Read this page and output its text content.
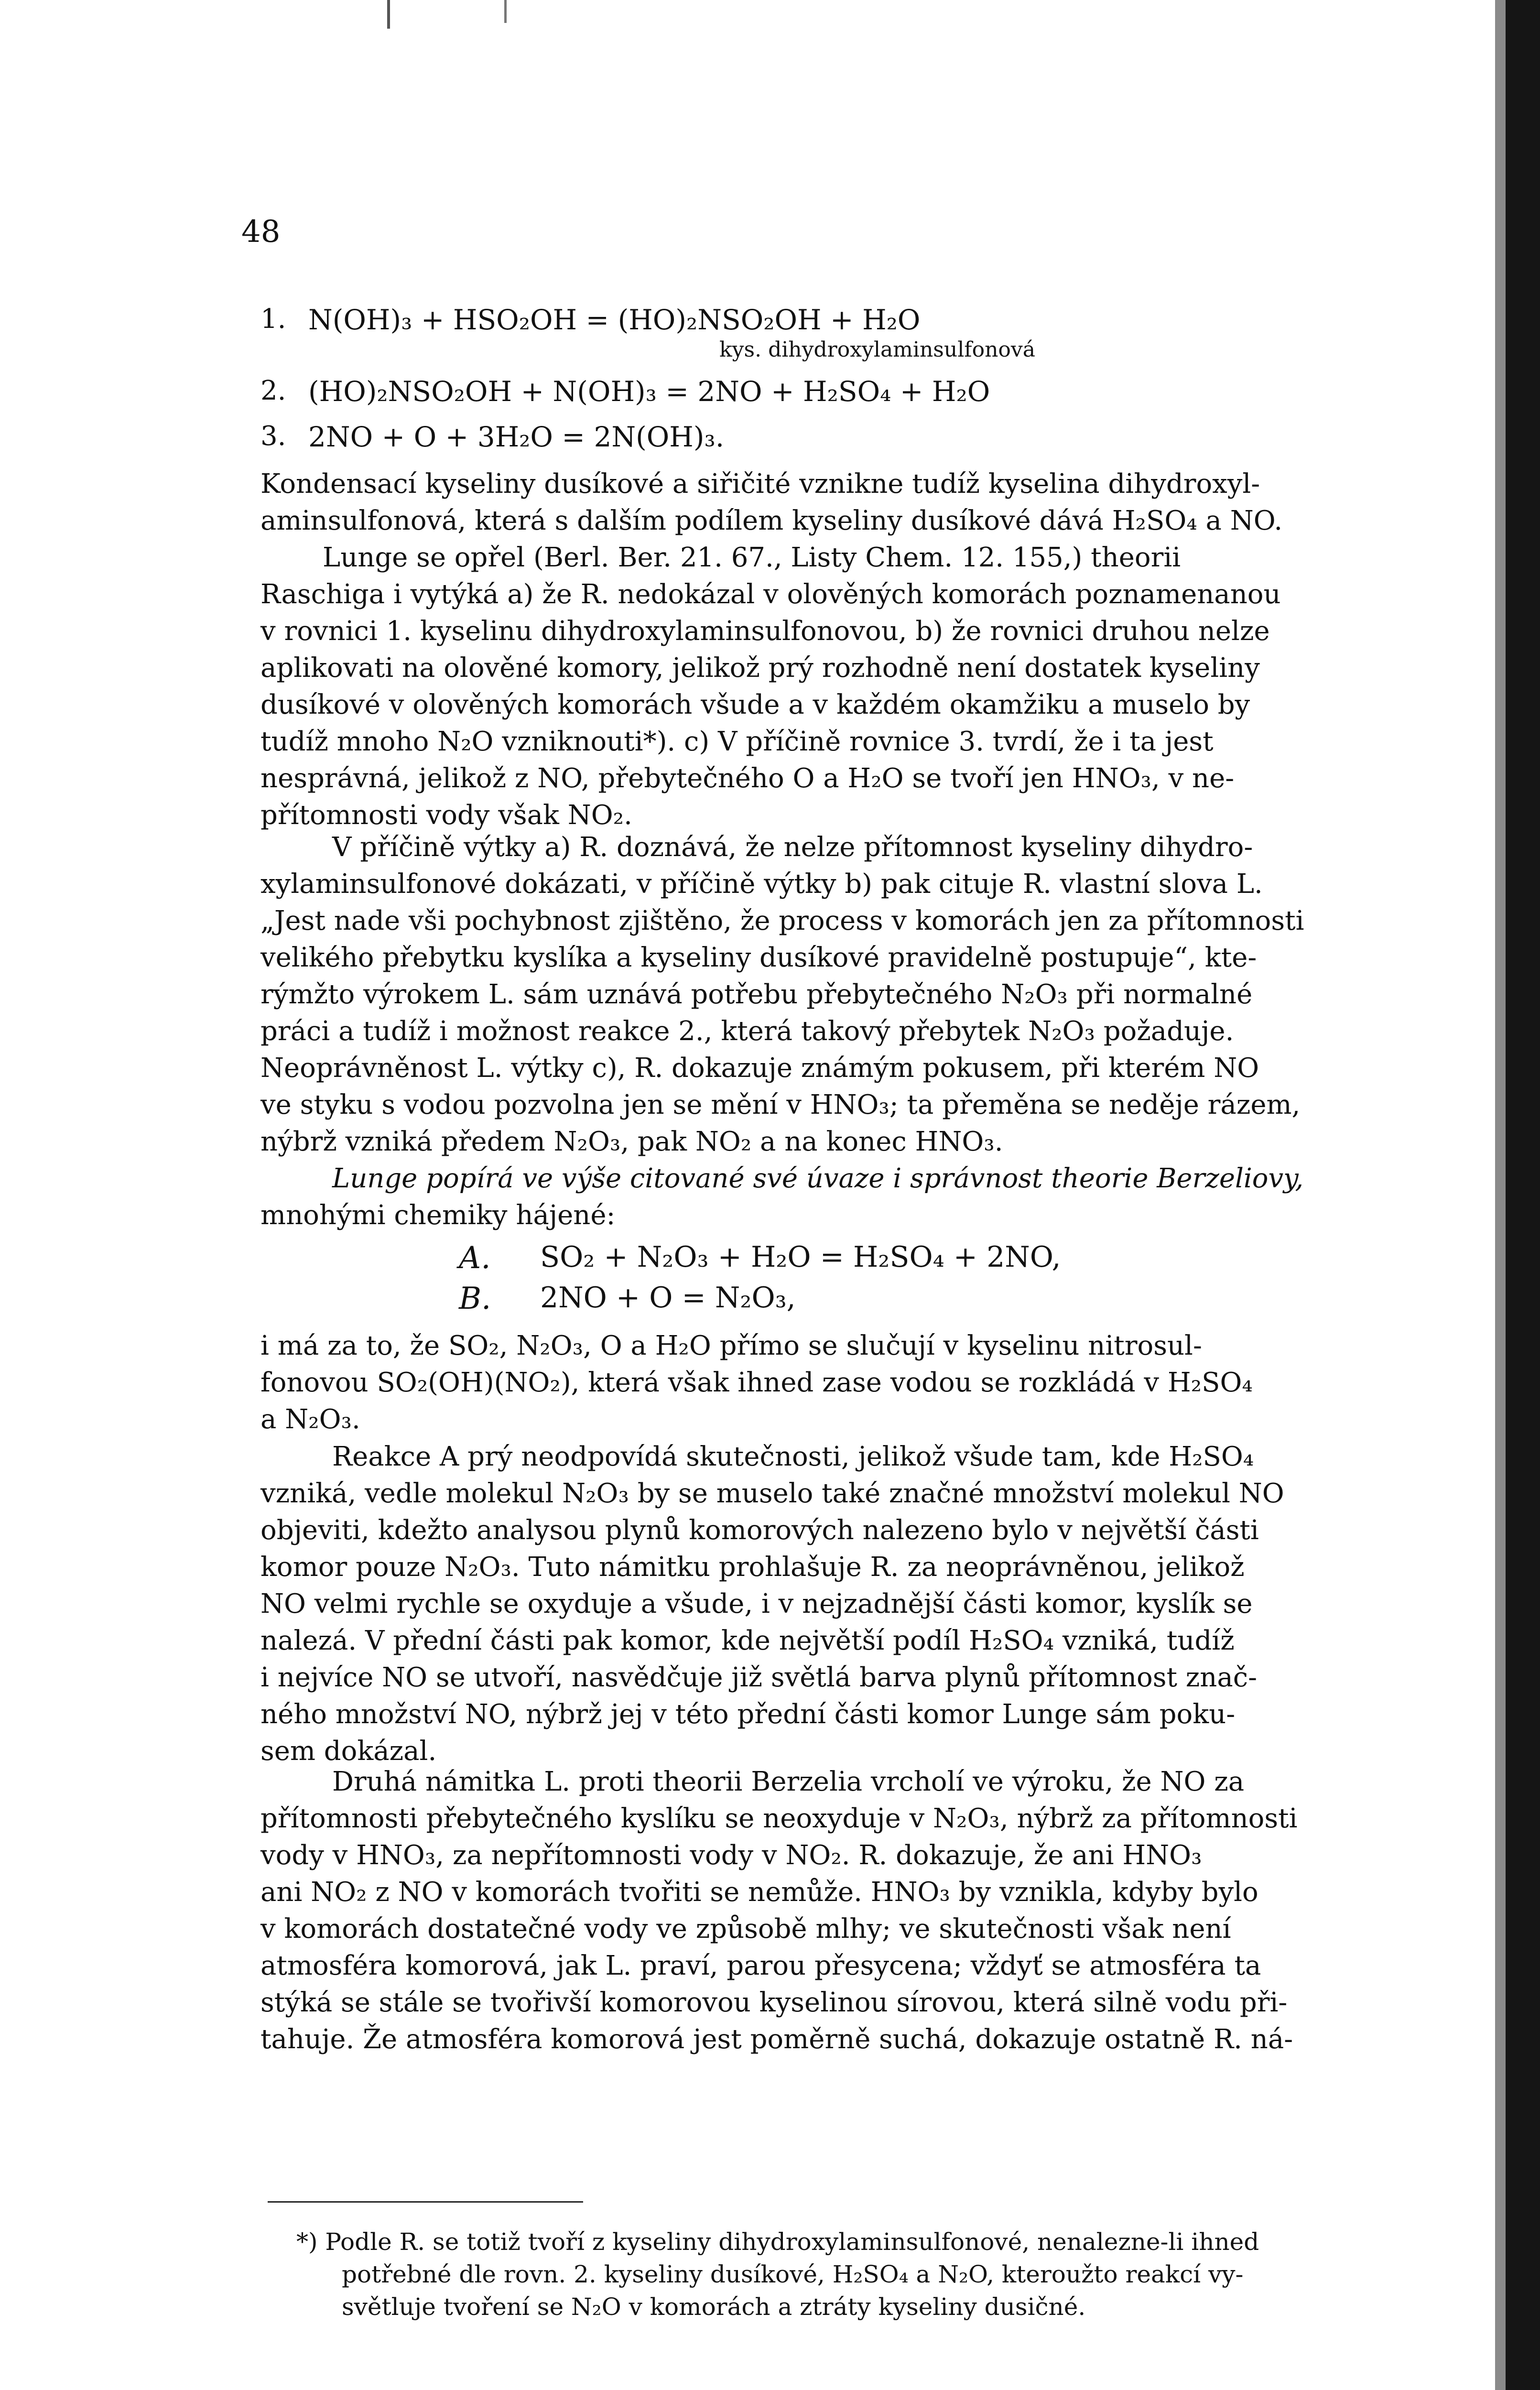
48
1. N(OH)₃ + HSO₂OH = (HO)₂NSO₂OH + H₂O
kys. dihydroxylaminsulfonová
2. (HO)₂NSO₂OH + N(OH)₃ = 2NO + H₂SO₄ + H₂O
3. 2NO + O + 3H₂O = 2N(OH)₃.
Kondensací kyseliny dusíkové a siřičité vznikne tudíž kyselina dihydroxyl-
aminsulfonová, která s dalším podílem kyseliny dusíkové dává H₂SO₄ a NO.
Lunge se opřel (Berl. Ber. 21. 67., Listy Chem. 12. 155,) theorii
Raschiga i vytýká a) že R. nedokázal v olověných komorách poznamenanou
v rovnici 1. kyselinu dihydroxylaminsulfonovou, b) že rovnici druhou nelze
aplikovati na olověné komory, jelikož prý rozhodně není dostatek kyseliny
dusíkové v olověných komorách všude a v každém okamžiku a muselo by
tudíž mnoho N₂O vzniknouti*). c) V příčině rovnice 3. tvrdí, že i ta jest
nesprávná, jelikož z NO, přebytečného O a H₂O se tvoří jen HNO₃, v ne-
přítomnosti vody však NO₂.
V příčině výtky a) R. doznává, že nelze přítomnost kyseliny dihydro-
xylaminsulfonové dokázati, v příčině výtky b) pak cituje R. vlastní slova L.
„Jest nade vši pochybnost zjištěno, že process v komorách jen za přítomnosti
velikého přebytku kyslíka a kyseliny dusíkové pravidelně postupuje“, kte-
rýmžto výrokem L. sám uznává potřebu přebytečného N₂O₃ při normalné
práci a tudíž i možnost reakce 2., která takový přebytek N₂O₃ požaduje.
Neoprávněnost L. výtky c), R. dokazuje známým pokusem, při kterém NO
ve styku s vodou pozvolna jen se mění v HNO₃; ta přeměna se neděje rázem,
nýbrž vzniká předem N₂O₃, pak NO₂ a na konec HNO₃.
Lunge popírá ve výše citované své úvaze i správnost theorie Berzeliovy,
mnohými chemiky hájené:
A. SO₂ + N₂O₃ + H₂O = H₂SO₄ + 2NO,
B. 2NO + O = N₂O₃,
i má za to, že SO₂, N₂O₃, O a H₂O přímo se slučují v kyselinu nitrosul-
fonovou SO₂(OH)(NO₂), která však ihned zase vodou se rozkládá v H₂SO₄
a N₂O₃.
Reakce A prý neodpovídá skutečnosti, jelikož všude tam, kde H₂SO₄
vzniká, vedle molekul N₂O₃ by se muselo také značné množství molekul NO
objeviti, kdežto analysou plynů komorových nalezeno bylo v největší části
komor pouze N₂O₃. Tuto námitku prohlašuje R. za neoprávněnou, jelikož
NO velmi rychle se oxyduje a všude, i v nejzadnější části komor, kyslík se
nalezá. V přední části pak komor, kde největší podíl H₂SO₄ vzniká, tudíž
i nejvíce NO se utvoří, nasvědčuje již světlá barva plynů přítomnost znač-
ného množství NO, nýbrž jej v této přední části komor Lunge sám poku-
sem dokázal.
Druhá námitka L. proti theorii Berzelia vrcholí ve výroku, že NO za
přítomnosti přebytečného kyslíku se neoxyduje v N₂O₃, nýbrž za přítomnosti
vody v HNO₃, za nepřítomnosti vody v NO₂. R. dokazuje, že ani HNO₃
ani NO₂ z NO v komorách tvořiti se nemůže. HNO₃ by vznikla, kdyby bylo
v komorách dostatečné vody ve způsobě mlhy; ve skutečnosti však není
atmosféra komorová, jak L. praví, parou přesycena; vždyť se atmosféra ta
stýká se stále se tvořivší komorovou kyselinou sírovou, která silně vodu při-
tahuje. Že atmosféra komorová jest poměrně suchá, dokazuje ostatně R. ná-
*) Podle R. se totiž tvoří z kyseliny dihydroxylaminsulfonové, nenalezne-li ihned
potřebné dle rovn. 2. kyseliny dusíkové, H₂SO₄ a N₂O, kteroužto reakcí vy-
světluje tvoření se N₂O v komorách a ztráty kyseliny dusičné.
